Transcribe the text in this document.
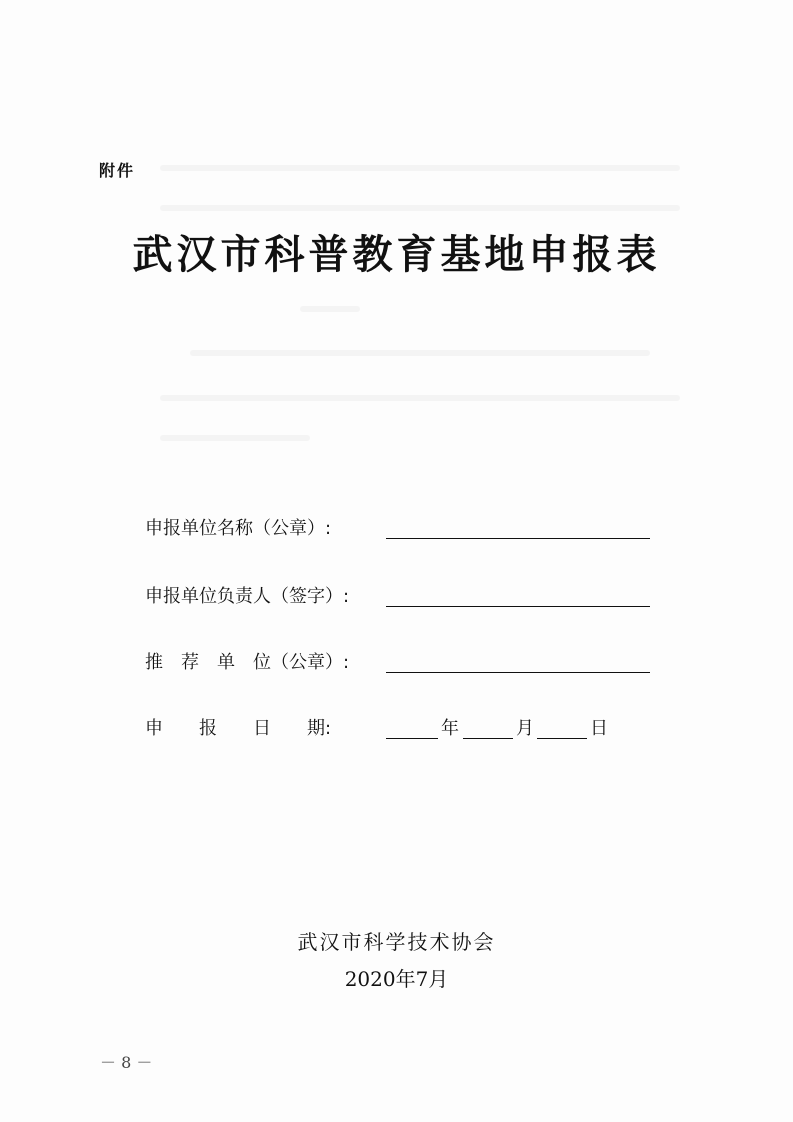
附件
武汉市科普教育基地申报表
申报单位名称（公章）:
申报单位负责人（签字）:
推　荐　单　位（公章）:
申　　报　　日　　期:	年	月	日
武汉市科学技术协会
2020年7月
－ 8 －
